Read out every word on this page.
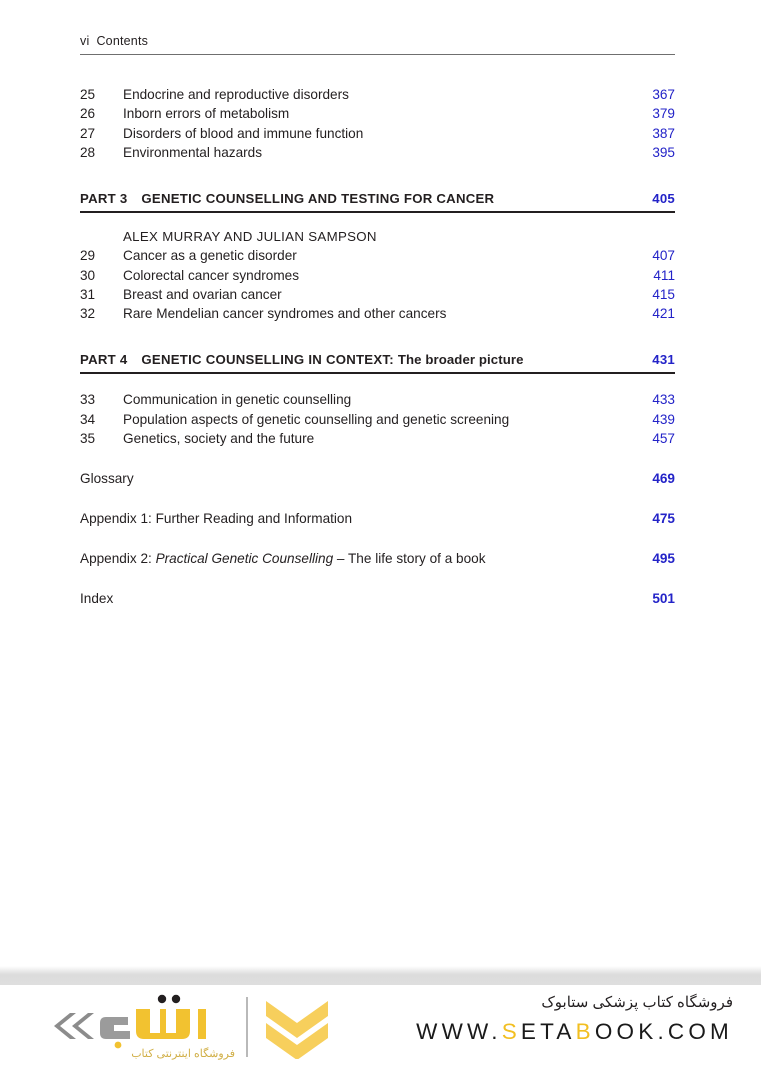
vi Contents
25	Endocrine and reproductive disorders	367
26	Inborn errors of metabolism	379
27	Disorders of blood and immune function	387
28	Environmental hazards	395
PART 3 GENETIC COUNSELLING AND TESTING FOR CANCER	405
ALEX MURRAY AND JULIAN SAMPSON
29	Cancer as a genetic disorder	407
30	Colorectal cancer syndromes	411
31	Breast and ovarian cancer	415
32	Rare Mendelian cancer syndromes and other cancers	421
PART 4 GENETIC COUNSELLING IN CONTEXT: The broader picture	431
33	Communication in genetic counselling	433
34	Population aspects of genetic counselling and genetic screening	439
35	Genetics, society and the future	457
Glossary	469
Appendix 1: Further Reading and Information	475
Appendix 2: Practical Genetic Counselling – The life story of a book	495
Index	501
فروشگاه اینترنتی کتاب
فروشگاه کتاب پزشکی ستابوک
WWW.SETABOOK.COM
